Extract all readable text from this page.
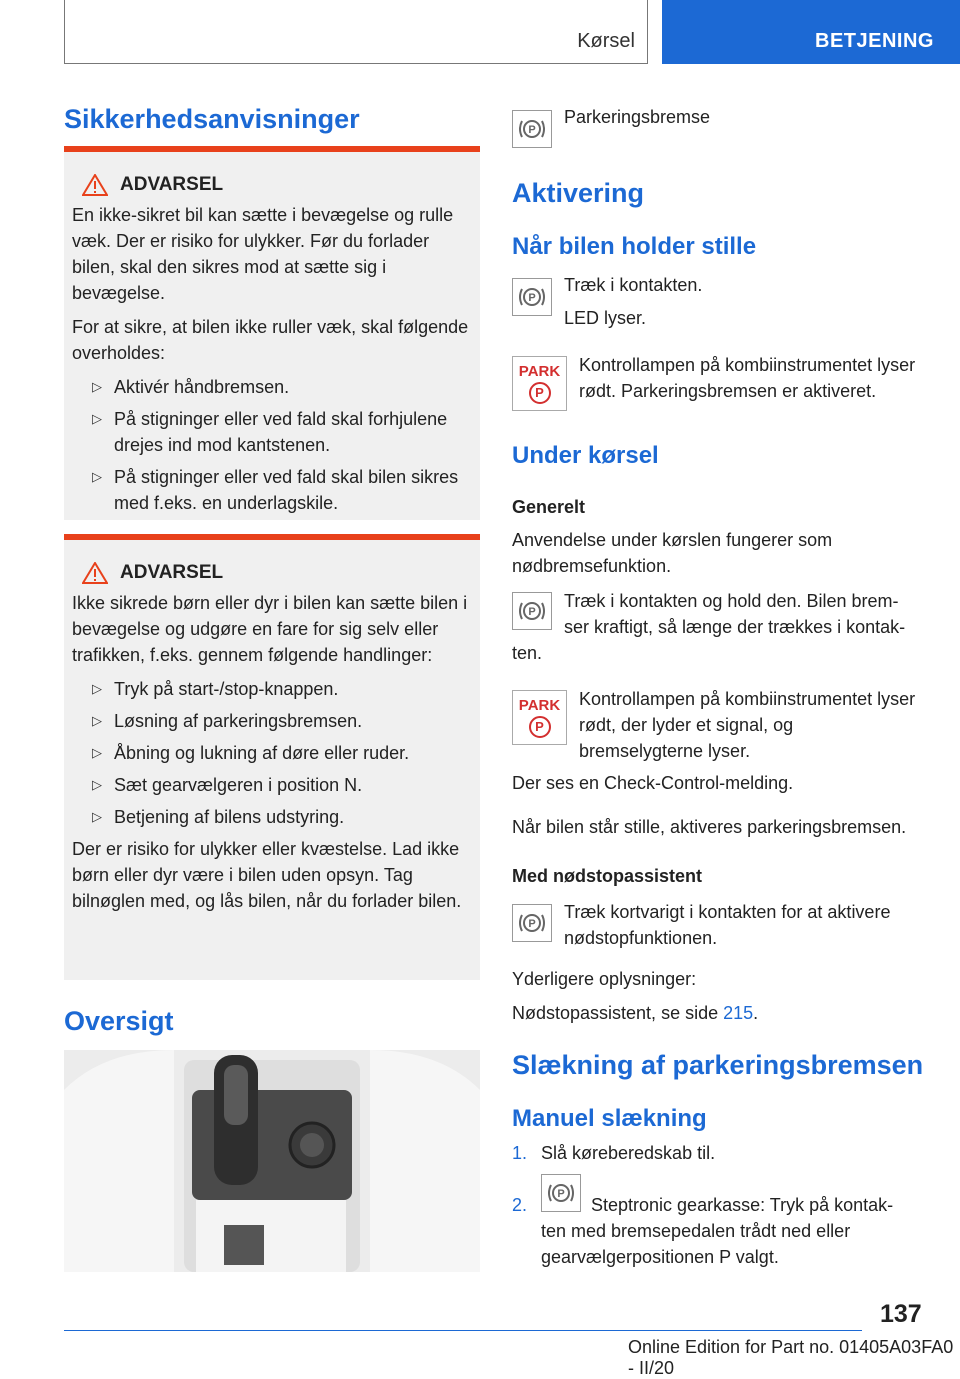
Kørsel	BETJENING
Sikkerhedsanvisninger
ADVARSEL

En ikke-sikret bil kan sætte i bevægelse og rulle væk. Der er risiko for ulykker. Før du forlader bilen, skal den sikres mod at sætte sig i bevægelse.

For at sikre, at bilen ikke ruller væk, skal følgende overholdes:

▷ Aktivér håndbremsen.
▷ På stigninger eller ved fald skal forhjulene drejes ind mod kantstenen.
▷ På stigninger eller ved fald skal bilen sikres med f.eks. en underlagskile.
ADVARSEL

Ikke sikrede børn eller dyr i bilen kan sætte bilen i bevægelse og udgøre en fare for sig selv eller trafikken, f.eks. gennem følgende handlinger:

▷ Tryk på start-/stop-knappen.
▷ Løsning af parkeringsbremsen.
▷ Åbning og lukning af døre eller ruder.
▷ Sæt gearvælgeren i position N.
▷ Betjening af bilens udstyring.

Der er risiko for ulykker eller kvæstelse. Lad ikke børn eller dyr være i bilen uden opsyn. Tag bilnøglen med, og lås bilen, når du forlader bilen.

Oversigt
P
Parkeringsbremse
Aktivering
Når bilen holder stille
P
Træk i kontakten.
LED lyser.
PARK
P
Kontrollampen på kombiinstrumentet lyser rødt. Parkeringsbremsen er aktiveret.
Under kørsel
Generelt
Anvendelse under kørslen fungerer som nødbremsefunktion.
P
Træk i kontakten og hold den. Bilen brem-
ser kraftigt, så længe der trækkes i kontak-
ten.
PARK
P
Kontrollampen på kombiinstrumentet lyser rødt, der lyder et signal, og bremselygterne lyser.
Der ses en Check-Control-melding.
Når bilen står stille, aktiveres parkeringsbremsen.
Med nødstopassistent
P
Træk kortvarigt i kontakten for at aktivere nødstopfunktionen.
Yderligere oplysninger:
Nødstopassistent, se side 215.
Slækning af parkeringsbremsen
Manuel slækning
1. Slå køreberedskab til.
2.
P
Steptronic gearkasse: Tryk på kontak-
ten med bremsepedalen trådt ned eller gearvælgerpositionen P valgt.
137
Online Edition for Part no. 01405A03FA0 - II/20
